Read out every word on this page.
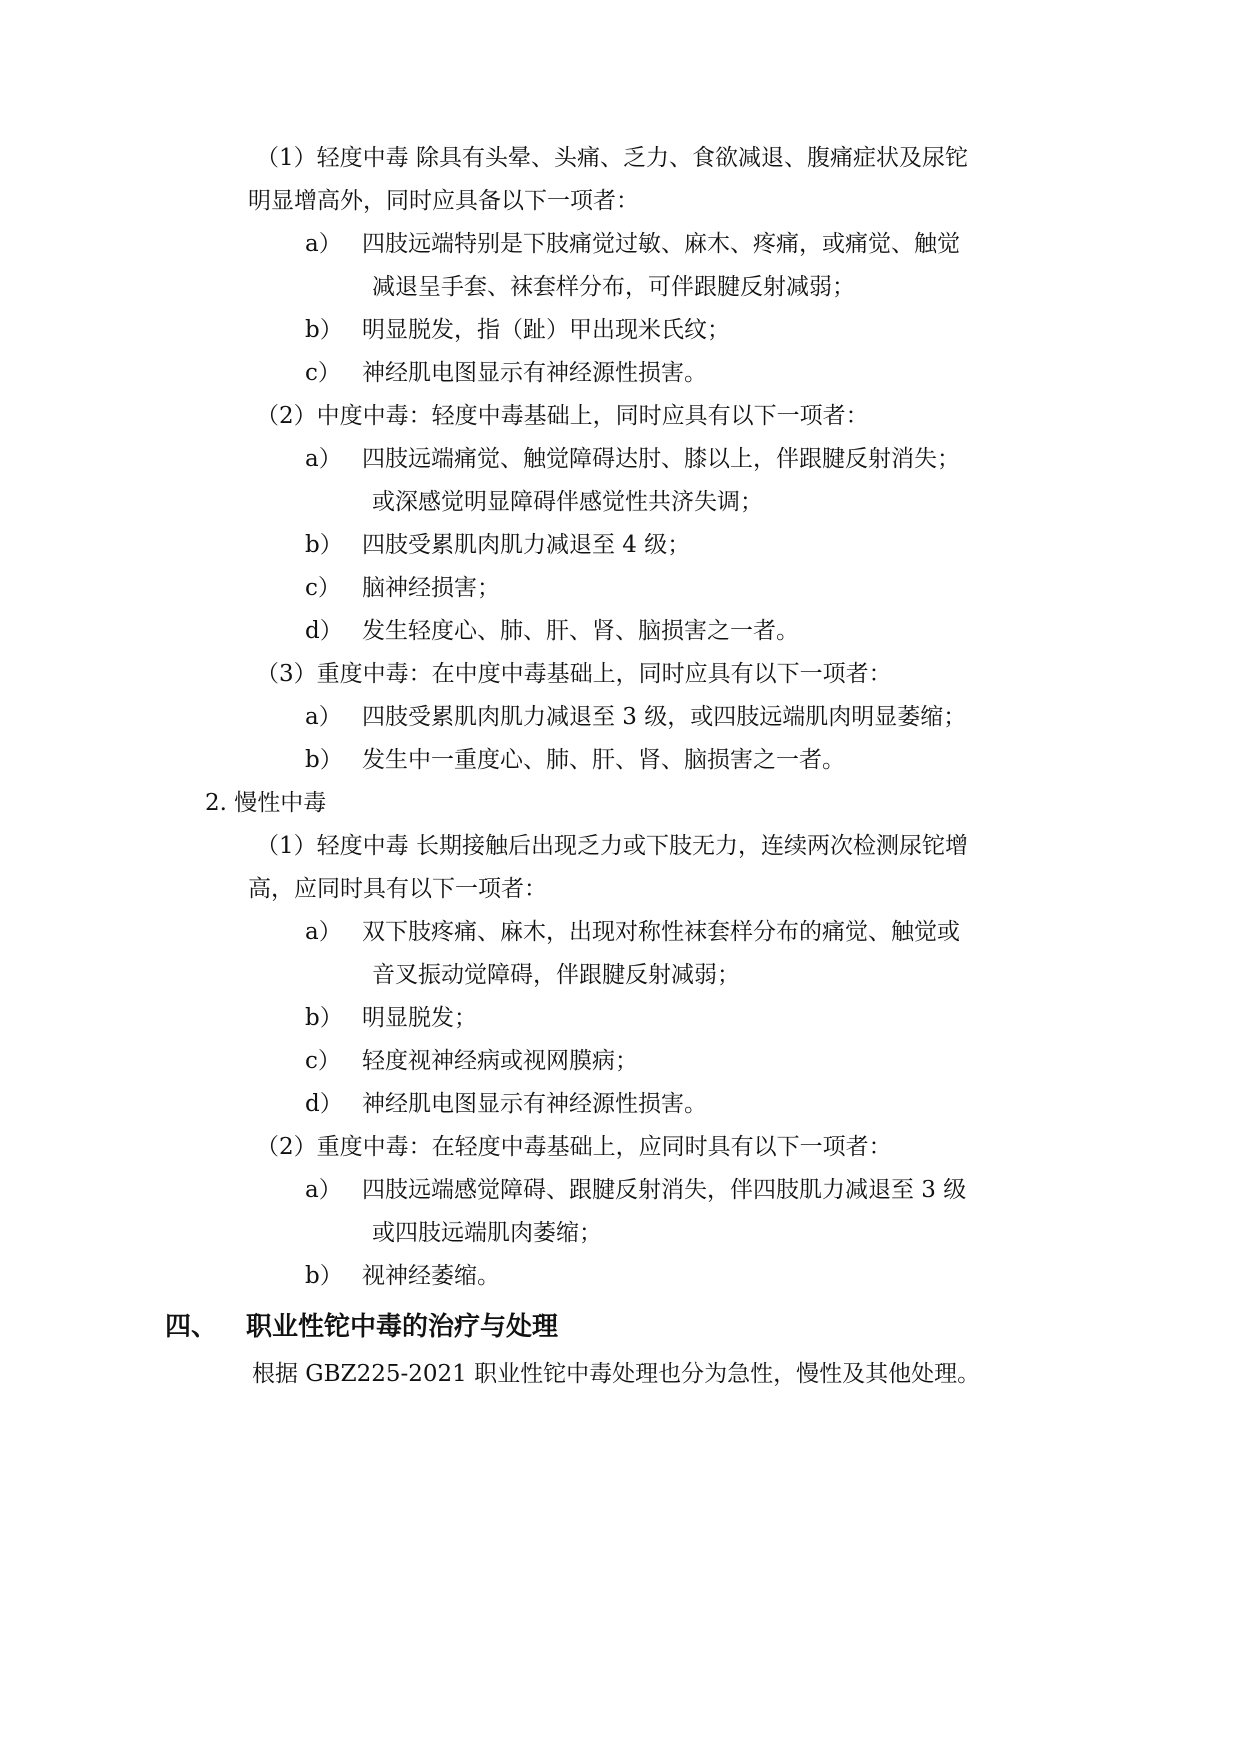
（1）轻度中毒 除具有头晕、头痛、乏力、食欲减退、腹痛症状及尿铊
明显增高外，同时应具备以下一项者：
a） 四肢远端特别是下肢痛觉过敏、麻木、疼痛，或痛觉、触觉
减退呈手套、袜套样分布，可伴跟腱反射减弱；
b） 明显脱发，指（趾）甲出现米氏纹；
c） 神经肌电图显示有神经源性损害。
（2）中度中毒：轻度中毒基础上，同时应具有以下一项者：
a） 四肢远端痛觉、触觉障碍达肘、膝以上，伴跟腱反射消失；
或深感觉明显障碍伴感觉性共济失调；
b） 四肢受累肌肉肌力减退至 4 级；
c） 脑神经损害；
d） 发生轻度心、肺、肝、肾、脑损害之一者。
（3）重度中毒：在中度中毒基础上，同时应具有以下一项者：
a） 四肢受累肌肉肌力减退至 3 级，或四肢远端肌肉明显萎缩；
b） 发生中一重度心、肺、肝、肾、脑损害之一者。
2. 慢性中毒
（1）轻度中毒 长期接触后出现乏力或下肢无力，连续两次检测尿铊增
高，应同时具有以下一项者：
a） 双下肢疼痛、麻木，出现对称性袜套样分布的痛觉、触觉或
音叉振动觉障碍，伴跟腱反射减弱；
b） 明显脱发；
c） 轻度视神经病或视网膜病；
d） 神经肌电图显示有神经源性损害。
（2）重度中毒：在轻度中毒基础上，应同时具有以下一项者：
a） 四肢远端感觉障碍、跟腱反射消失，伴四肢肌力减退至 3 级
或四肢远端肌肉萎缩；
b） 视神经萎缩。
四、 职业性铊中毒的治疗与处理
根据 GBZ225-2021 职业性铊中毒处理也分为急性，慢性及其他处理。
